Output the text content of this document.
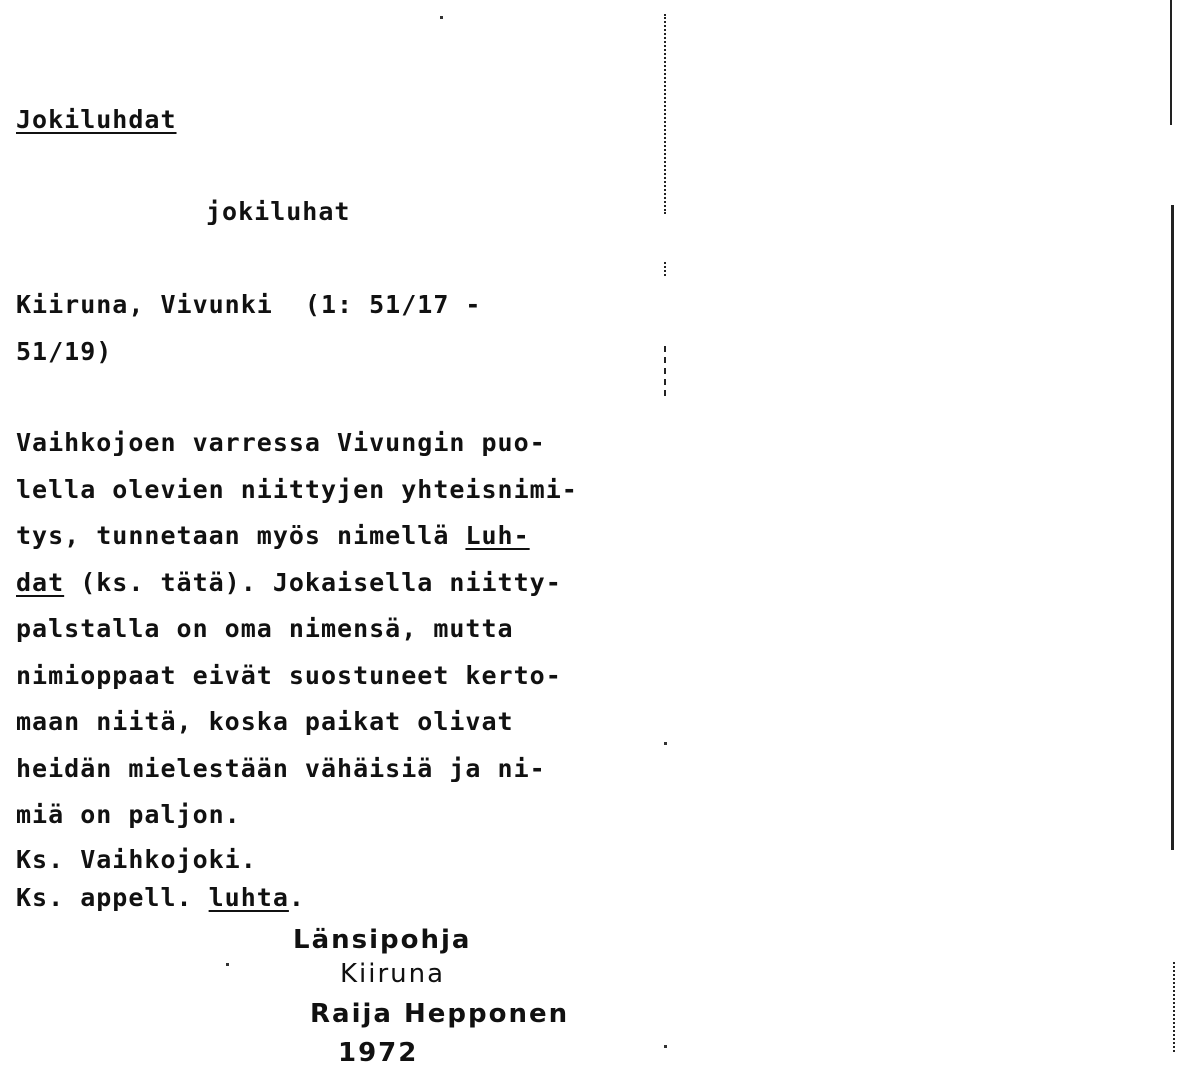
Jokiluhdat
jokiluhat
Kiiruna, Vivunki  (1: 51/17 -
51/19)
Vaihkojoen varressa Vivungin puo-
lella olevien niittyjen yhteisnimi-
tys, tunnetaan myös nimellä Luh-
dat (ks. tätä). Jokaisella niitty-
palstalla on oma nimensä, mutta
nimioppaat eivät suostuneet kerto-
maan niitä, koska paikat olivat
heidän mielestään vähäisiä ja ni-
miä on paljon.
Ks. Vaihkojoki.
Ks. appell. luhta.
Länsipohja
Kiiruna
Raija Hepponen
1972
